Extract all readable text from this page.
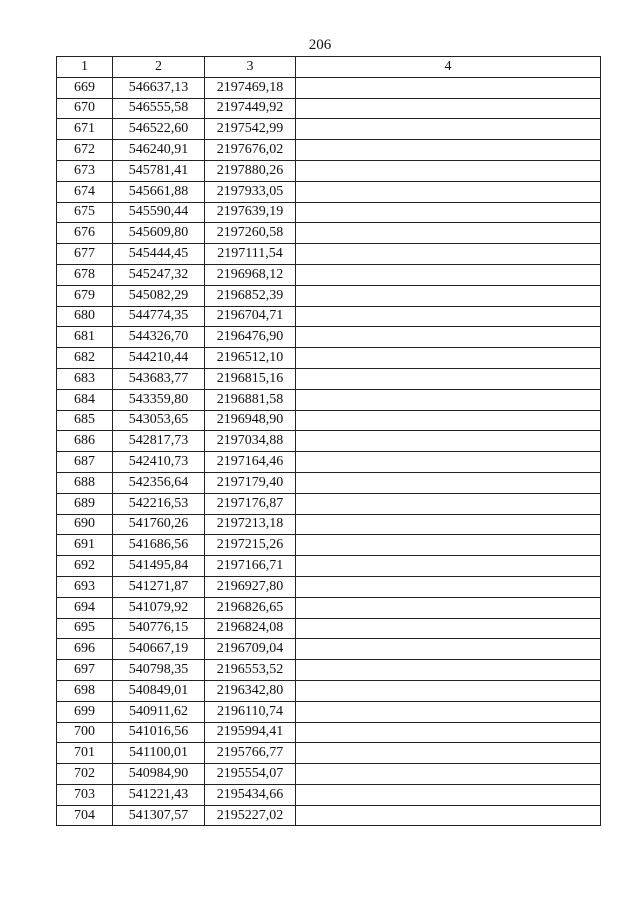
206
1	2	3	4
669	546637,13	2197469,18	
670	546555,58	2197449,92	
671	546522,60	2197542,99	
672	546240,91	2197676,02	
673	545781,41	2197880,26	
674	545661,88	2197933,05	
675	545590,44	2197639,19	
676	545609,80	2197260,58	
677	545444,45	2197111,54	
678	545247,32	2196968,12	
679	545082,29	2196852,39	
680	544774,35	2196704,71	
681	544326,70	2196476,90	
682	544210,44	2196512,10	
683	543683,77	2196815,16	
684	543359,80	2196881,58	
685	543053,65	2196948,90	
686	542817,73	2197034,88	
687	542410,73	2197164,46	
688	542356,64	2197179,40	
689	542216,53	2197176,87	
690	541760,26	2197213,18	
691	541686,56	2197215,26	
692	541495,84	2197166,71	
693	541271,87	2196927,80	
694	541079,92	2196826,65	
695	540776,15	2196824,08	
696	540667,19	2196709,04	
697	540798,35	2196553,52	
698	540849,01	2196342,80	
699	540911,62	2196110,74	
700	541016,56	2195994,41	
701	541100,01	2195766,77	
702	540984,90	2195554,07	
703	541221,43	2195434,66	
704	541307,57	2195227,02	
